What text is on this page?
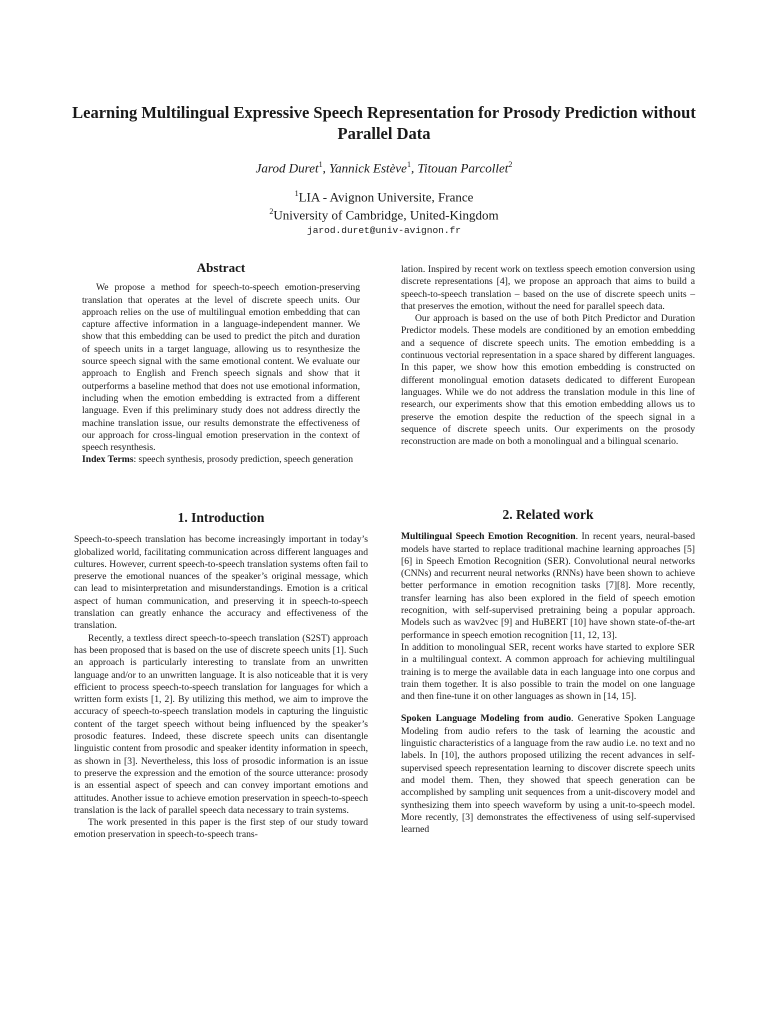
Learning Multilingual Expressive Speech Representation for Prosody Prediction without Parallel Data
Jarod Duret$^1$, Yannick Estève$^1$, Titouan Parcollet$^2$
$^1$LIA - Avignon Universite, France
$^2$University of Cambridge, United-Kingdom
jarod.duret@univ-avignon.fr
Abstract

We propose a method for speech-to-speech emotion-preserving translation that operates at the level of discrete speech units. Our approach relies on the use of multilingual emotion embedding that can capture affective information in a language-independent manner. We show that this embedding can be used to predict the pitch and duration of speech units in a target language, allowing us to resynthesize the source speech signal with the same emotional content. We evaluate our approach to English and French speech signals and show that it outperforms a baseline method that does not use emotional information, including when the emotion embedding is extracted from a different language. Even if this preliminary study does not address directly the machine translation issue, our results demonstrate the effectiveness of our approach for cross-lingual emotion preservation in the context of speech resynthesis.

Index Terms: speech synthesis, prosody prediction, speech generation

1. Introduction

Speech-to-speech translation has become increasingly important in today’s globalized world, facilitating communication across different languages and cultures. However, current speech-to-speech translation systems often fail to preserve the emotional nuances of the speaker’s original message, which can lead to misinterpretation and misunderstandings. Emotion is a critical aspect of human communication, and preserving it in speech-to-speech translation can greatly enhance the accuracy and effectiveness of the translation.

Recently, a textless direct speech-to-speech translation (S2ST) approach has been proposed that is based on the use of discrete speech units [1]. Such an approach is particularly interesting to translate from an unwritten language and/or to an unwritten language. It is also noticeable that it is very efficient to process speech-to-speech translation for languages for which a written form exists [1, 2]. By utilizing this method, we aim to improve the accuracy of speech-to-speech translation models in capturing the linguistic content of the target speech without being influenced by the speaker’s prosodic features. Indeed, these discrete speech units can disentangle linguistic content from prosodic and speaker identity information in speech, as shown in [3]. Nevertheless, this loss of prosodic information is an issue to preserve the expression and the emotion of the source utterance: prosody is an essential aspect of speech and can convey important emotions and attitudes. Another issue to achieve emotion preservation in speech-to-speech translation is the lack of parallel speech data necessary to train systems.

The work presented in this paper is the first step of our study toward emotion preservation in speech-to-speech trans-

lation. Inspired by recent work on textless speech emotion conversion using discrete representations [4], we propose an approach that aims to build a speech-to-speech translation – based on the use of discrete speech units – that preserves the emotion, without the need for parallel speech data.

Our approach is based on the use of both Pitch Predictor and Duration Predictor models. These models are conditioned by an emotion embedding and a sequence of discrete speech units. The emotion embedding is a continuous vectorial representation in a space shared by different languages. In this paper, we show how this emotion embedding is constructed on different monolingual emotion datasets dedicated to different European languages. While we do not address the translation module in this line of research, our experiments show that this emotion embedding allows us to preserve the emotion despite the reduction of the speech signal in a sequence of discrete speech units. Our experiments on the prosody reconstruction are made on both a monolingual and a bilingual scenario.

2. Related work

Multilingual Speech Emotion Recognition. In recent years, neural-based models have started to replace traditional machine learning approaches [5][6] in Speech Emotion Recognition (SER). Convolutional neural networks (CNNs) and recurrent neural networks (RNNs) have been shown to achieve better performance in emotion recognition tasks [7][8]. More recently, transfer learning has also been explored in the field of speech emotion recognition, with self-supervised pretraining being a popular approach. Models such as wav2vec [9] and HuBERT [10] have shown state-of-the-art performance in speech emotion recognition [11, 12, 13].

In addition to monolingual SER, recent works have started to explore SER in a multilingual context. A common approach for achieving multilingual training is to merge the available data in each language into one corpus and train them together. It is also possible to train the model on one language and then fine-tune it on other languages as shown in [14, 15].

Spoken Language Modeling from audio. Generative Spoken Language Modeling from audio refers to the task of learning the acoustic and linguistic characteristics of a language from the raw audio i.e. no text and no labels. In [10], the authors proposed utilizing the recent advances in self-supervised speech representation learning to discover discrete speech units and model them. Then, they showed that speech generation can be accomplished by sampling unit sequences from a unit-discovery model and synthesizing them into speech waveform by using a unit-to-speech model. More recently, [3] demonstrates the effectiveness of using self-supervised learned
